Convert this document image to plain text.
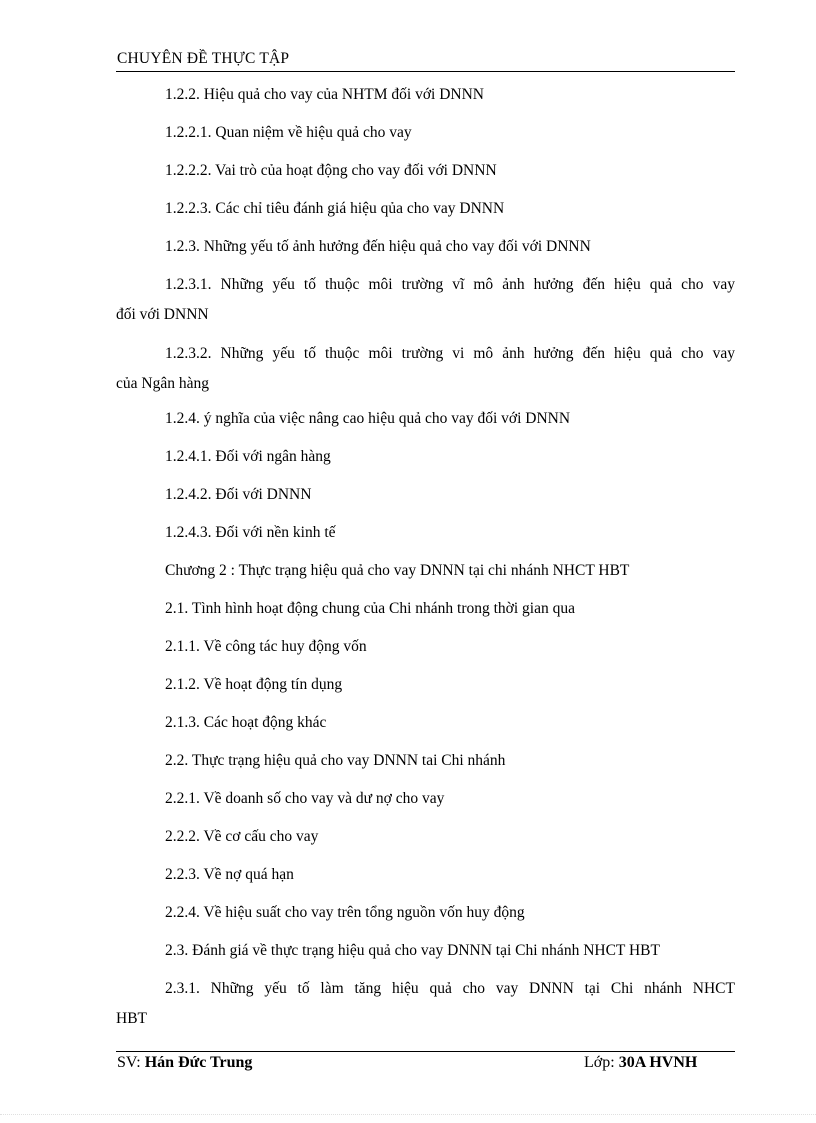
CHUYÊN ĐỀ THỰC TẬP
1.2.2. Hiệu quả cho vay của NHTM đối với DNNN
1.2.2.1. Quan niệm về hiệu quả cho vay
1.2.2.2. Vai trò của hoạt động cho vay đối với DNNN
1.2.2.3. Các chỉ tiêu đánh giá hiệu qủa cho vay DNNN
1.2.3. Những yếu tố ảnh hưởng đến hiệu quả cho vay đối với DNNN
1.2.3.1. Những yếu tố thuộc môi trường vĩ mô ảnh hưởng đến hiệu quả cho vay
đối với DNNN
1.2.3.2. Những yếu tố thuộc môi trường vi mô ảnh hưởng đến hiệu quả cho vay
của Ngân hàng
1.2.4. ý nghĩa của việc nâng cao hiệu quả cho vay đối với DNNN
1.2.4.1. Đối với ngân hàng
1.2.4.2. Đối với DNNN
1.2.4.3. Đối với nền kinh tế
Chương 2 : Thực trạng hiệu quả cho vay DNNN tại chi nhánh NHCT HBT
2.1. Tình hình hoạt động chung của Chi nhánh trong thời gian qua
2.1.1. Về công tác huy động vốn
2.1.2. Về hoạt động tín dụng
2.1.3. Các hoạt động khác
2.2. Thực trạng hiệu quả cho vay DNNN tai Chi nhánh
2.2.1. Về doanh số cho vay và dư nợ cho vay
2.2.2. Về cơ cấu cho vay
2.2.3. Về nợ quá hạn
2.2.4. Về hiệu suất cho vay trên tổng nguồn vốn huy động
2.3. Đánh giá về thực trạng hiệu quả cho vay DNNN tại Chi nhánh NHCT HBT
2.3.1. Những yếu tố làm tăng hiệu quả cho vay DNNN tại Chi nhánh NHCT
HBT
SV: Hán Đức Trung	Lớp: 30A HVNH
